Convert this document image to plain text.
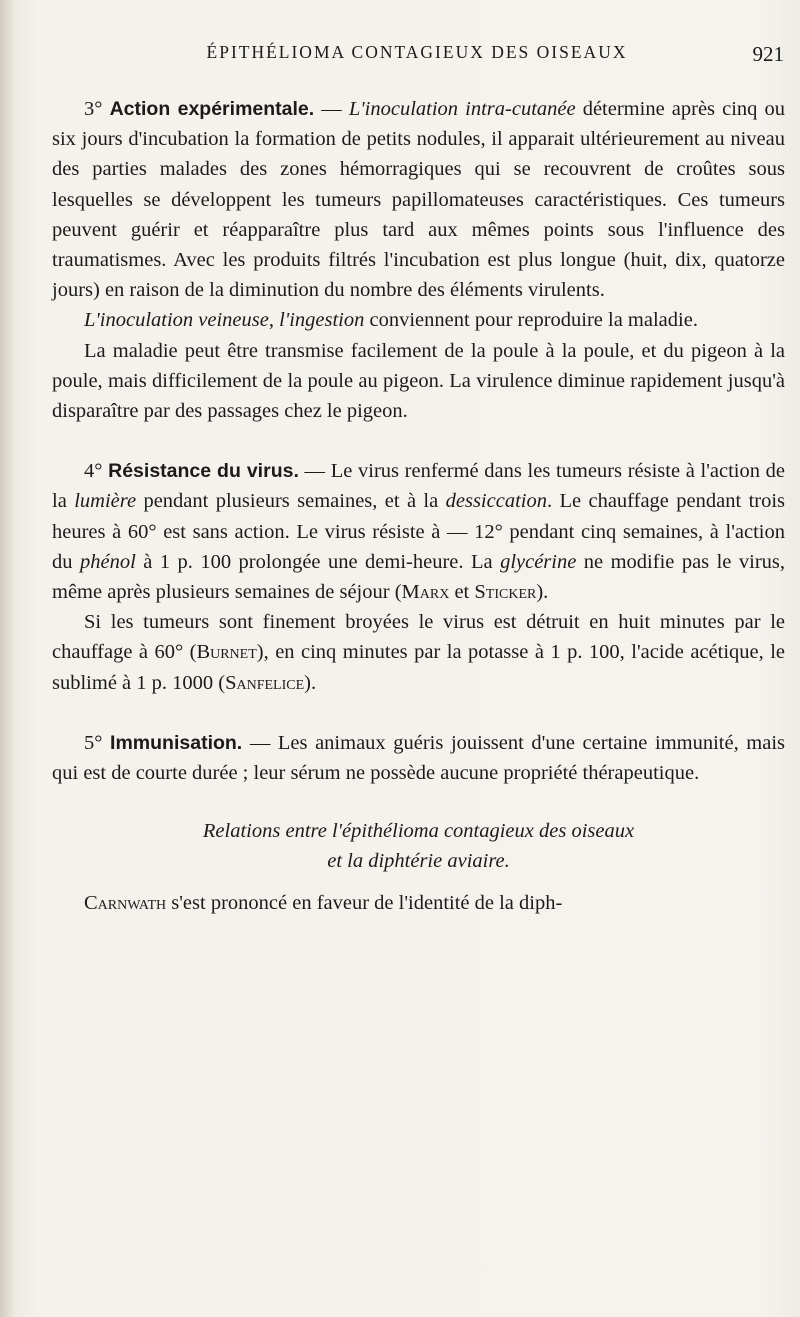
ÉPITHÉLIOMA CONTAGIEUX DES OISEAUX	921

3° Action expérimentale. — L'inoculation intra-cutanée détermine après cinq ou six jours d'incubation la formation de petits nodules, il apparait ultérieurement au niveau des parties malades des zones hémorragiques qui se recouvrent de croûtes sous lesquelles se développent les tumeurs papillomateuses caractéristiques. Ces tumeurs peuvent guérir et réapparaître plus tard aux mêmes points sous l'influence des traumatismes. Avec les produits filtrés l'incubation est plus longue (huit, dix, quatorze jours) en raison de la diminution du nombre des éléments virulents.

L'inoculation veineuse, l'ingestion conviennent pour reproduire la maladie.

La maladie peut être transmise facilement de la poule à la poule, et du pigeon à la poule, mais difficilement de la poule au pigeon. La virulence diminue rapidement jusqu'à disparaître par des passages chez le pigeon.

4° Résistance du virus. — Le virus renfermé dans les tumeurs résiste à l'action de la lumière pendant plusieurs semaines, et à la dessiccation. Le chauffage pendant trois heures à 60° est sans action. Le virus résiste à — 12° pendant cinq semaines, à l'action du phénol à 1 p. 100 prolongée une demi-heure. La glycérine ne modifie pas le virus, même après plusieurs semaines de séjour (Marx et Sticker).

Si les tumeurs sont finement broyées le virus est détruit en huit minutes par le chauffage à 60° (Burnet), en cinq minutes par la potasse à 1 p. 100, l'acide acétique, le sublimé à 1 p. 1000 (Sanfelice).

5° Immunisation. — Les animaux guéris jouissent d'une certaine immunité, mais qui est de courte durée ; leur sérum ne possède aucune propriété thérapeutique.

Relations entre l'épithélioma contagieux des oiseaux
et la diphtérie aviaire.

Carnwath s'est prononcé en faveur de l'identité de la diph-
